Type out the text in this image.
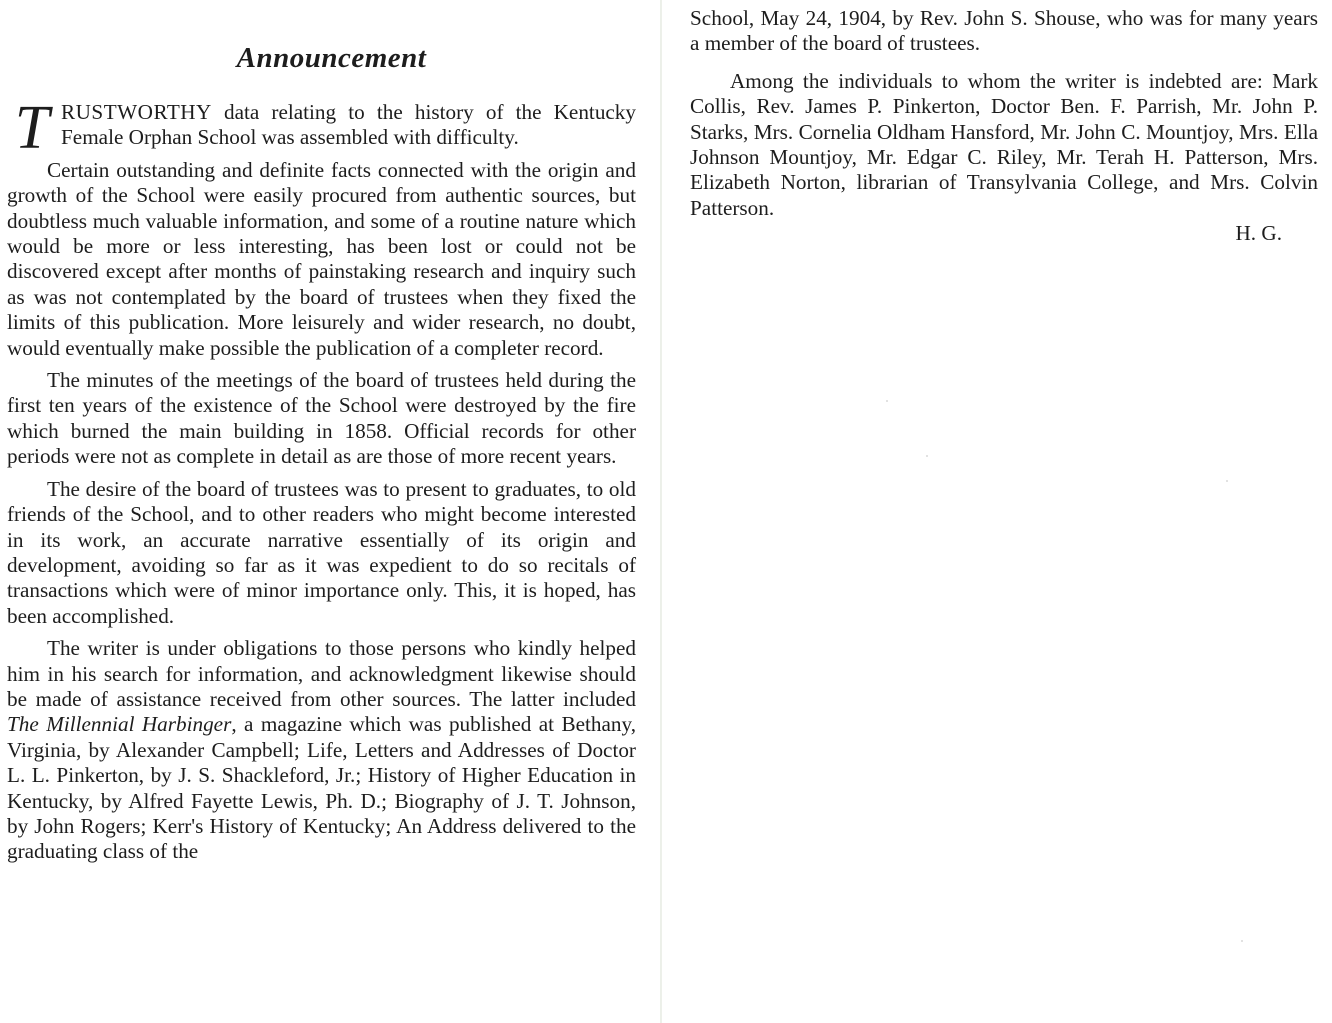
Announcement

TRUSTWORTHY data relating to the history of the Kentucky Female Orphan School was assembled with difficulty.

Certain outstanding and definite facts connected with the origin and growth of the School were easily procured from authentic sources, but doubtless much valuable information, and some of a routine nature which would be more or less interesting, has been lost or could not be discovered except after months of painstaking research and inquiry such as was not contemplated by the board of trustees when they fixed the limits of this publication. More leisurely and wider research, no doubt, would eventually make possible the publication of a completer record.

The minutes of the meetings of the board of trustees held during the first ten years of the existence of the School were destroyed by the fire which burned the main building in 1858. Official records for other periods were not as complete in detail as are those of more recent years.

The desire of the board of trustees was to present to graduates, to old friends of the School, and to other readers who might become interested in its work, an accurate narrative essentially of its origin and development, avoiding so far as it was expedient to do so recitals of transactions which were of minor importance only. This, it is hoped, has been accomplished.

The writer is under obligations to those persons who kindly helped him in his search for information, and acknowledgment likewise should be made of assistance received from other sources. The latter included The Millennial Harbinger, a magazine which was published at Bethany, Virginia, by Alexander Campbell; Life, Letters and Addresses of Doctor L. L. Pinkerton, by J. S. Shackleford, Jr.; History of Higher Education in Kentucky, by Alfred Fayette Lewis, Ph. D.; Biography of J. T. Johnson, by John Rogers; Kerr's History of Kentucky; An Address delivered to the graduating class of the

School, May 24, 1904, by Rev. John S. Shouse, who was for many years a member of the board of trustees.

Among the individuals to whom the writer is indebted are: Mark Collis, Rev. James P. Pinkerton, Doctor Ben. F. Parrish, Mr. John P. Starks, Mrs. Cornelia Oldham Hansford, Mr. John C. Mountjoy, Mrs. Ella Johnson Mountjoy, Mr. Edgar C. Riley, Mr. Terah H. Patterson, Mrs. Elizabeth Norton, librarian of Transylvania College, and Mrs. Colvin Patterson.

H. G.
